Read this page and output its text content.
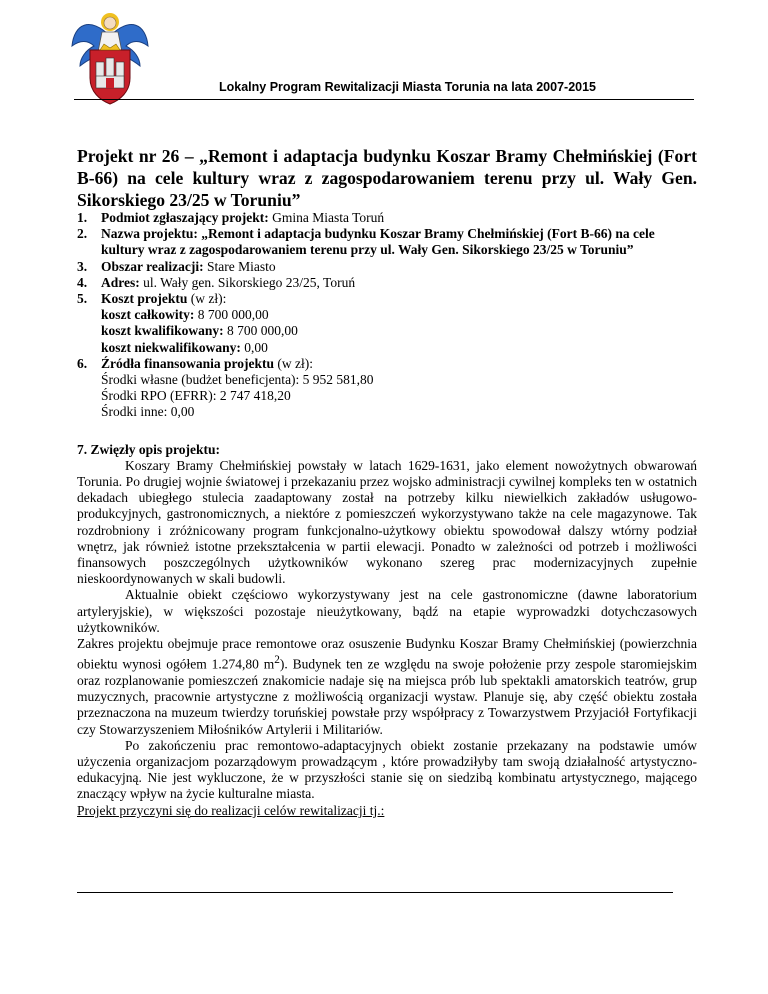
Lokalny Program Rewitalizacji Miasta Torunia na lata 2007-2015
Projekt nr 26 – „Remont i adaptacja budynku Koszar Bramy Chełmińskiej (Fort B-66) na cele kultury wraz z zagospodarowaniem terenu przy ul. Wały Gen. Sikorskiego 23/25 w Toruniu”
1. Podmiot zgłaszający projekt: Gmina Miasta Toruń
2. Nazwa projektu: „Remont i adaptacja budynku Koszar Bramy Chełmińskiej (Fort B-66) na cele kultury wraz z zagospodarowaniem terenu przy ul. Wały Gen. Sikorskiego 23/25 w Toruniu”
3. Obszar realizacji: Stare Miasto
4. Adres: ul. Wały gen. Sikorskiego 23/25, Toruń
5. Koszt projektu (w zł):
koszt całkowity: 8 700 000,00
koszt kwalifikowany: 8 700 000,00
koszt niekwalifikowany: 0,00
6. Źródła finansowania projektu (w zł):
Środki własne (budżet beneficjenta): 5 952 581,80
Środki RPO (EFRR): 2 747 418,20
Środki inne: 0,00
7. Zwięzły opis projektu:

Koszary Bramy Chełmińskiej powstały w latach 1629-1631, jako element nowożytnych obwarowań Torunia. Po drugiej wojnie światowej i przekazaniu przez wojsko administracji cywilnej kompleks ten w ostatnich dekadach ubiegłego stulecia zaadaptowany został na potrzeby kilku niewielkich zakładów usługowo-produkcyjnych, gastronomicznych, a niektóre z pomieszczeń wykorzystywano także na cele magazynowe. Tak rozdrobniony i zróżnicowany program funkcjonalno-użytkowy obiektu spowodował dalszy wtórny podział wnętrz, jak również istotne przekształcenia w partii elewacji. Ponadto w zależności od potrzeb i możliwości finansowych poszczególnych użytkowników wykonano szereg prac modernizacyjnych zupełnie nieskoordynowanych w skali budowli.

Aktualnie obiekt częściowo wykorzystywany jest na cele gastronomiczne (dawne laboratorium artyleryjskie), w większości pozostaje nieużytkowany, bądź na etapie wyprowadzki dotychczasowych użytkowników.

Zakres projektu obejmuje prace remontowe oraz osuszenie Budynku Koszar Bramy Chełmińskiej (powierzchnia obiektu wynosi ogółem 1.274,80 $m^2$). Budynek ten ze względu na swoje położenie przy zespole staromiejskim oraz rozplanowanie pomieszczeń znakomicie nadaje się na miejsca prób lub spektakli amatorskich teatrów, grup muzycznych, pracownie artystyczne z możliwością organizacji wystaw. Planuje się, aby część obiektu została przeznaczona na muzeum twierdzy toruńskiej powstałe przy współpracy z Towarzystwem Przyjaciół Fortyfikacji czy Stowarzyszeniem Miłośników Artylerii i Militariów.

Po zakończeniu prac remontowo-adaptacyjnych obiekt zostanie przekazany na podstawie umów użyczenia organizacjom pozarządowym prowadzącym , które prowadziłyby tam swoją działalność artystyczno-edukacyjną. Nie jest wykluczone, że w przyszłości stanie się on siedzibą kombinatu artystycznego, mającego znaczący wpływ na życie kulturalne miasta.

Projekt przyczyni się do realizacji celów rewitalizacji tj.:
